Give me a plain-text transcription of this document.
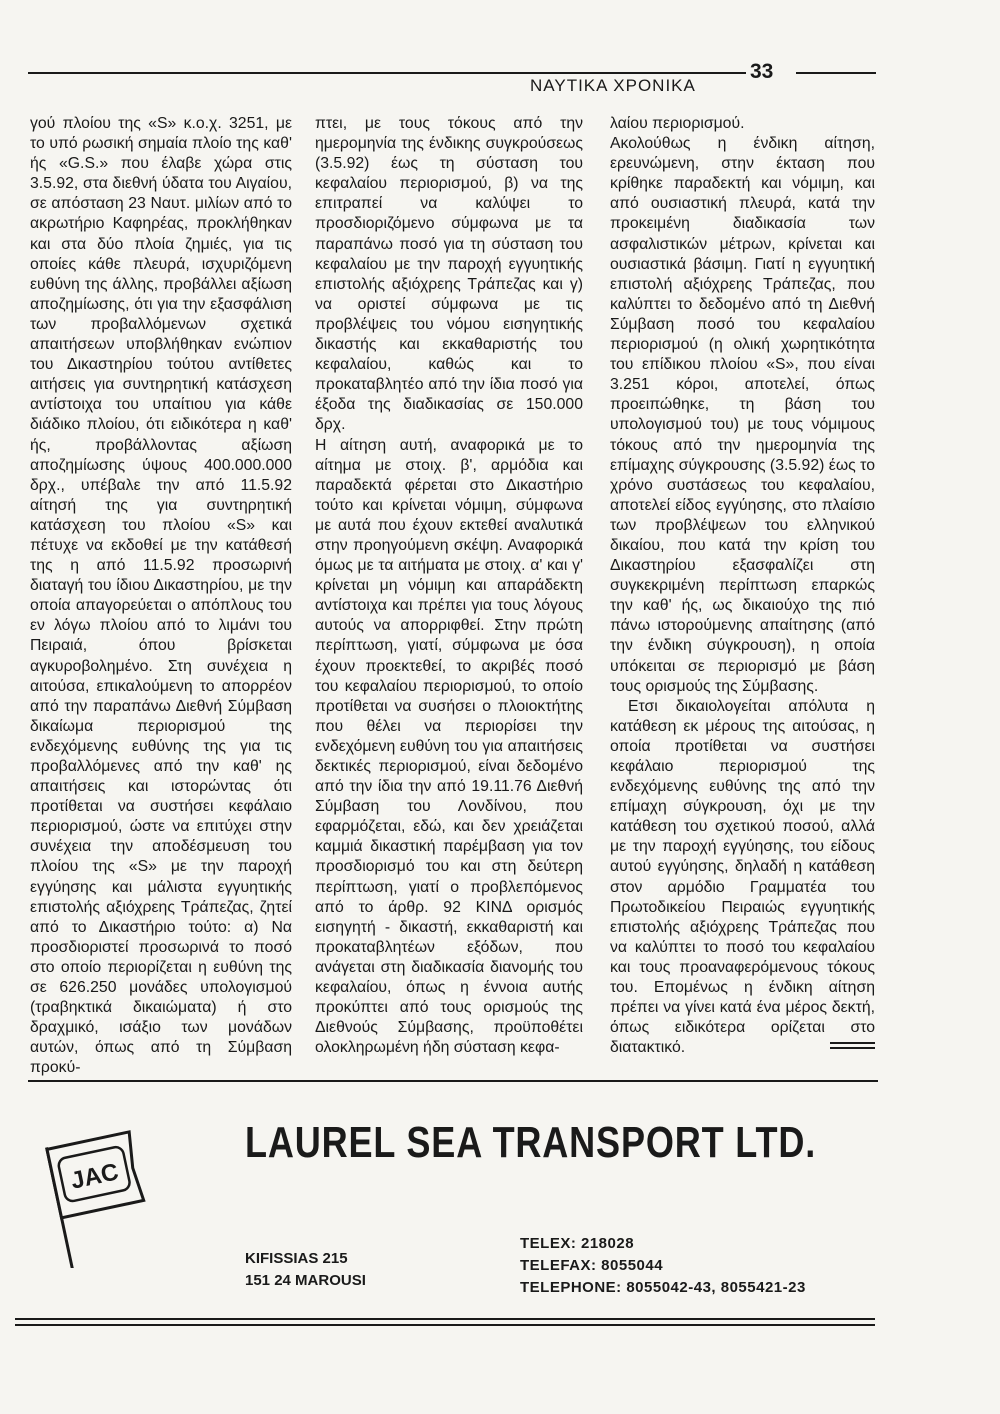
ΝΑΥΤΙΚΑ ΧΡΟΝΙΚΑ
33

γού πλοίου της «S» κ.ο.χ. 3251, με το υπό ρωσική σημαία πλοίο της καθ' ής «G.S.» που έλαβε χώρα στις 3.5.92, στα διεθνή ύδατα του Αιγαίου, σε απόσταση 23 Ναυτ. μιλίων από το ακρωτήριο Καφηρέας, προκλήθηκαν και στα δύο πλοία ζημιές, για τις οποίες κάθε πλευρά, ισχυριζόμενη ευθύνη της άλλης, προβάλλει αξίωση αποζημίωσης, ότι για την εξασφάλιση των προβαλλόμενων σχετικά απαιτήσεων υποβλήθηκαν ενώπιον του Δικαστηρίου τούτου αντίθετες αιτήσεις για συντηρητική κατάσχεση αντίστοιχα του υπαίτιου για κάθε διάδικο πλοίου, ότι ειδικότερα η καθ' ής, προβάλλοντας αξίωση αποζημίωσης ύψους 400.000.000 δρχ., υπέβαλε την από 11.5.92 αίτησή της για συντηρητική κατάσχεση του πλοίου «S» και πέτυχε να εκδοθεί με την κατάθεσή της η από 11.5.92 προσωρινή διαταγή του ίδιου Δικαστηρίου, με την οποία απαγορεύεται ο απόπλους του εν λόγω πλοίου από το λιμάνι του Πειραιά, όπου βρίσκεται αγκυροβολημένο. Στη συνέχεια η αιτούσα, επικαλούμενη το απορρέον από την παραπάνω Διεθνή Σύμβαση δικαίωμα περιορισμού της ενδεχόμενης ευθύνης της για τις προβαλλόμενες από την καθ' ης απαιτήσεις και ιστορώντας ότι προτίθεται να συστήσει κεφάλαιο περιορισμού, ώστε να επιτύχει στην συνέχεια την αποδέσμευση του πλοίου της «S» με την παροχή εγγύησης και μάλιστα εγγυητικής επιστολής αξιόχρεης Τράπεζας, ζητεί από το Δικαστήριο τούτο: α) Να προσδιοριστεί προσωρινά το ποσό στο οποίο περιορίζεται η ευθύνη της σε 626.250 μονάδες υπολογισμού (τραβηκτικά δικαιώματα) ή στο δραχμικό, ισάξιο των μονάδων αυτών, όπως από τη Σύμβαση προκύ-

πτει, με τους τόκους από την ημερομηνία της ένδικης συγκρούσεως (3.5.92) έως τη σύσταση του κεφαλαίου περιορισμού, β) να της επιτραπεί να καλύψει το προσδιοριζόμενο σύμφωνα με τα παραπάνω ποσό για τη σύσταση του κεφαλαίου με την παροχή εγγυητικής επιστολής αξιόχρεης Τράπεζας και γ) να οριστεί σύμφωνα με τις προβλέψεις του νόμου εισηγητικής δικαστής και εκκαθαριστής του κεφαλαίου, καθώς και το προκαταβλητέο από την ίδια ποσό για έξοδα της διαδικασίας σε 150.000 δρχ.

Η αίτηση αυτή, αναφορικά με το αίτημα με στοιχ. β', αρμόδια και παραδεκτά φέρεται στο Δικαστήριο τούτο και κρίνεται νόμιμη, σύμφωνα με αυτά που έχουν εκτεθεί αναλυτικά στην προηγούμενη σκέψη. Αναφορικά όμως με τα αιτήματα με στοιχ. α' και γ' κρίνεται μη νόμιμη και απαράδεκτη αντίστοιχα και πρέπει για τους λόγους αυτούς να απορριφθεί. Στην πρώτη περίπτωση, γιατί, σύμφωνα με όσα έχουν προεκτεθεί, το ακριβές ποσό του κεφαλαίου περιορισμού, το οποίο προτίθεται να συσήσει ο πλοιοκτήτης που θέλει να περιορίσει την ενδεχόμενη ευθύνη του για απαιτήσεις δεκτικές περιορισμού, είναι δεδομένο από την ίδια την από 19.11.76 Διεθνή Σύμβαση του Λονδίνου, που εφαρμόζεται, εδώ, και δεν χρειάζεται καμμιά δικαστική παρέμβαση για τον προσδιορισμό του και στη δεύτερη περίπτωση, γιατί ο προβλεπόμενος από το άρθρ. 92 ΚΙΝΔ ορισμός εισηγητή - δικαστή, εκκαθαριστή και προκαταβλητέων εξόδων, που ανάγεται στη διαδικασία διανομής του κεφαλαίου, όπως η έννοια αυτής προκύπτει από τους ορισμούς της Διεθνούς Σύμβασης, προϋποθέτει ολοκληρωμένη ήδη σύσταση κεφα-

λαίου περιορισμού.

Ακολούθως η ένδικη αίτηση, ερευνώμενη, στην έκταση που κρίθηκε παραδεκτή και νόμιμη, και από ουσιαστική πλευρά, κατά την προκειμένη διαδικασία των ασφαλιστικών μέτρων, κρίνεται και ουσιαστικά βάσιμη. Γιατί η εγγυητική επιστολή αξιόχρεης Τράπεζας, που καλύπτει το δεδομένο από τη Διεθνή Σύμβαση ποσό του κεφαλαίου περιορισμού (η ολική χωρητικότητα του επίδικου πλοίου «S», που είναι 3.251 κόροι, αποτελεί, όπως προειπώθηκε, τη βάση του υπολογισμού του) με τους νόμιμους τόκους από την ημερομηνία της επίμαχης σύγκρουσης (3.5.92) έως το χρόνο συστάσεως του κεφαλαίου, αποτελεί είδος εγγύησης, στο πλαίσιο των προβλέψεων του ελληνικού δικαίου, που κατά την κρίση του Δικαστηρίου εξασφαλίζει στη συγκεκριμένη περίπτωση επαρκώς την καθ' ής, ως δικαιούχο της πιό πάνω ιστορούμενης απαίτησης (από την ένδικη σύγκρουση), η οποία υπόκειται σε περιορισμό με βάση τους ορισμούς της Σύμβασης.

Ετσι δικαιολογείται απόλυτα η κατάθεση εκ μέρους της αιτούσας, η οποία προτίθεται να συστήσει κεφάλαιο περιορισμού της ενδεχόμενης ευθύνης της από την επίμαχη σύγκρουση, όχι με την κατάθεση του σχετικού ποσού, αλλά με την παροχή εγγύησης, του είδους αυτού εγγύησης, δηλαδή η κατάθεση στον αρμόδιο Γραμματέα του Πρωτοδικείου Πειραιώς εγγυητικής επιστολής αξιόχρεης Τράπεζας που να καλύπτει το ποσό του κεφαλαίου και τους προαναφερόμενους τόκους του. Επομένως η ένδικη αίτηση πρέπει να γίνει κατά ένα μέρος δεκτή, όπως ειδικότερα ορίζεται στο διατακτικό.

JAC
LAUREL SEA TRANSPORT LTD.
KIFISSIAS 215
151 24 MAROUSI
TELEX: 218028
TELEFAX: 8055044
TELEPHONE: 8055042-43, 8055421-23
